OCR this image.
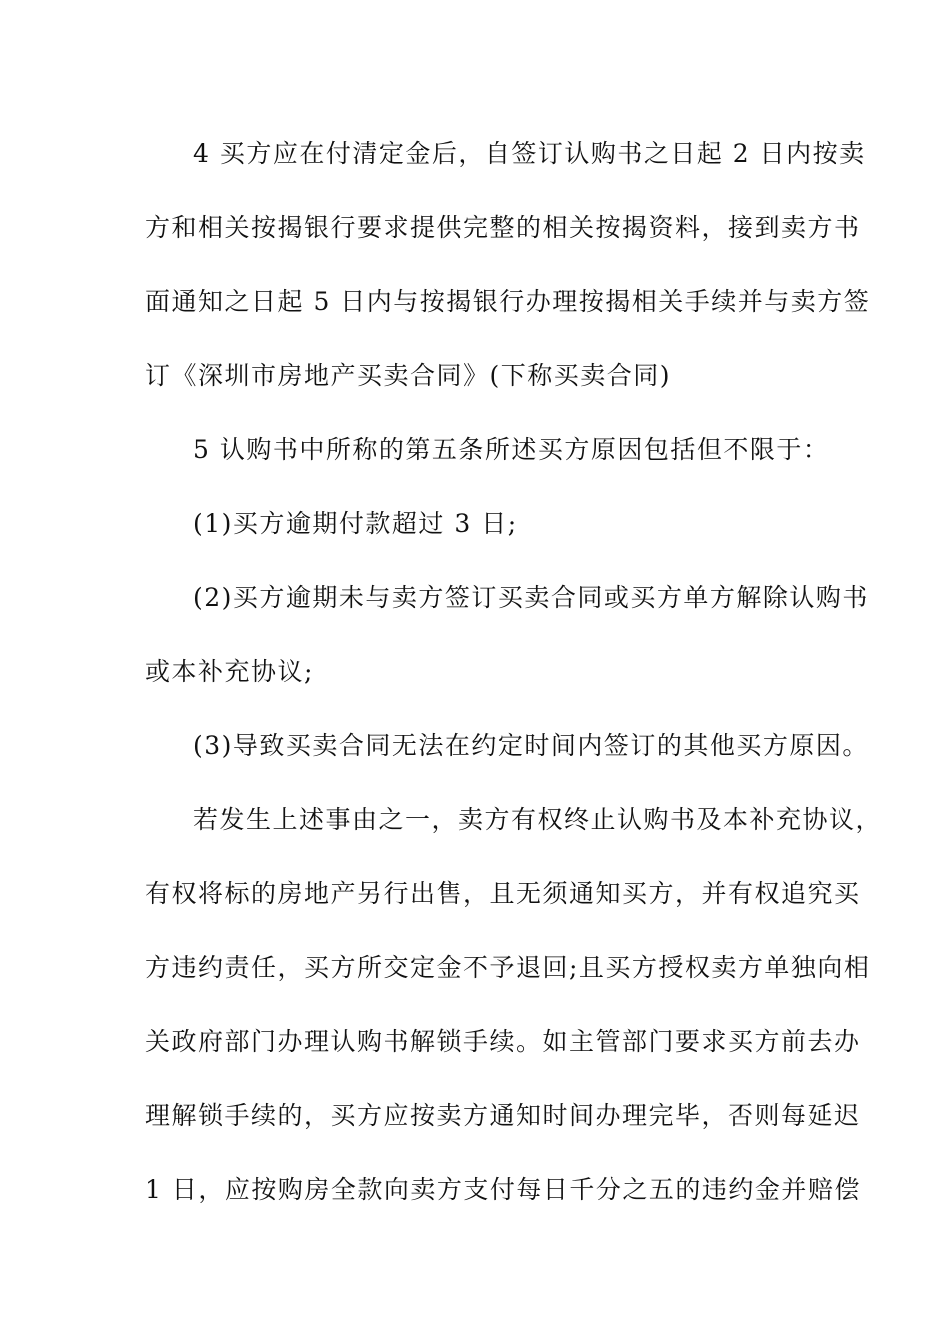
4 买方应在付清定金后，自签订认购书之日起 2 日内按卖
方和相关按揭银行要求提供完整的相关按揭资料，接到卖方书
面通知之日起 5 日内与按揭银行办理按揭相关手续并与卖方签
订《深圳市房地产买卖合同》(下称买卖合同)
5 认购书中所称的第五条所述买方原因包括但不限于：
(1)买方逾期付款超过 3 日;
(2)买方逾期未与卖方签订买卖合同或买方单方解除认购书
或本补充协议;
(3)导致买卖合同无法在约定时间内签订的其他买方原因。
若发生上述事由之一，卖方有权终止认购书及本补充协议，
有权将标的房地产另行出售，且无须通知买方，并有权追究买
方违约责任，买方所交定金不予退回;且买方授权卖方单独向相
关政府部门办理认购书解锁手续。如主管部门要求买方前去办
理解锁手续的，买方应按卖方通知时间办理完毕，否则每延迟
1 日，应按购房全款向卖方支付每日千分之五的违约金并赔偿
